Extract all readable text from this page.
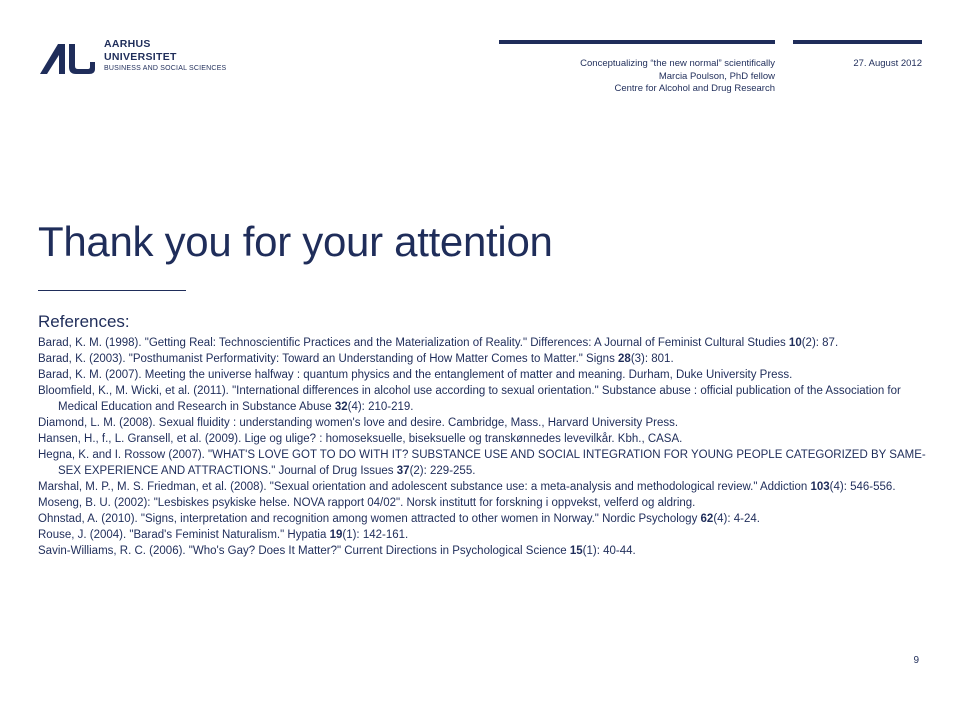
AARHUS
UNIVERSITET
BUSINESS AND SOCIAL SCIENCES	Conceptualizing “the new normal” scientifically
Marcia Poulson, PhD fellow
Centre for Alcohol and Drug Research
27. August 2012
Thank you for your attention
References:
Barad, K. M. (1998). "Getting Real: Technoscientific Practices and the Materialization of Reality." Differences: A Journal of Feminist Cultural Studies 10(2): 87.
Barad, K. (2003). "Posthumanist Performativity: Toward an Understanding of How Matter Comes to Matter." Signs 28(3): 801.
Barad, K. M. (2007). Meeting the universe halfway : quantum physics and the entanglement of matter and meaning. Durham, Duke University Press.
Bloomfield, K., M. Wicki, et al. (2011). "International differences in alcohol use according to sexual orientation." Substance abuse : official publication of the Association for Medical Education and Research in Substance Abuse 32(4): 210-219.
Diamond, L. M. (2008). Sexual fluidity : understanding women's love and desire. Cambridge, Mass., Harvard University Press.
Hansen, H., f., L. Gransell, et al. (2009). Lige og ulige? : homoseksuelle, biseksuelle og transkønnedes levevilkår. Kbh., CASA.
Hegna, K. and I. Rossow (2007). "WHAT'S LOVE GOT TO DO WITH IT? SUBSTANCE USE AND SOCIAL INTEGRATION FOR YOUNG PEOPLE CATEGORIZED BY SAME-SEX EXPERIENCE AND ATTRACTIONS." Journal of Drug Issues 37(2): 229-255.
Marshal, M. P., M. S. Friedman, et al. (2008). "Sexual orientation and adolescent substance use: a meta-analysis and methodological review." Addiction 103(4): 546-556.
Moseng, B. U. (2002): "Lesbiskes psykiske helse. NOVA rapport 04/02". Norsk institutt for forskning i oppvekst, velferd og aldring.
Ohnstad, A. (2010). "Signs, interpretation and recognition among women attracted to other women in Norway." Nordic Psychology 62(4): 4-24.
Rouse, J. (2004). "Barad's Feminist Naturalism." Hypatia 19(1): 142-161.
Savin-Williams, R. C. (2006). "Who's Gay? Does It Matter?" Current Directions in Psychological Science 15(1): 40-44.
9
